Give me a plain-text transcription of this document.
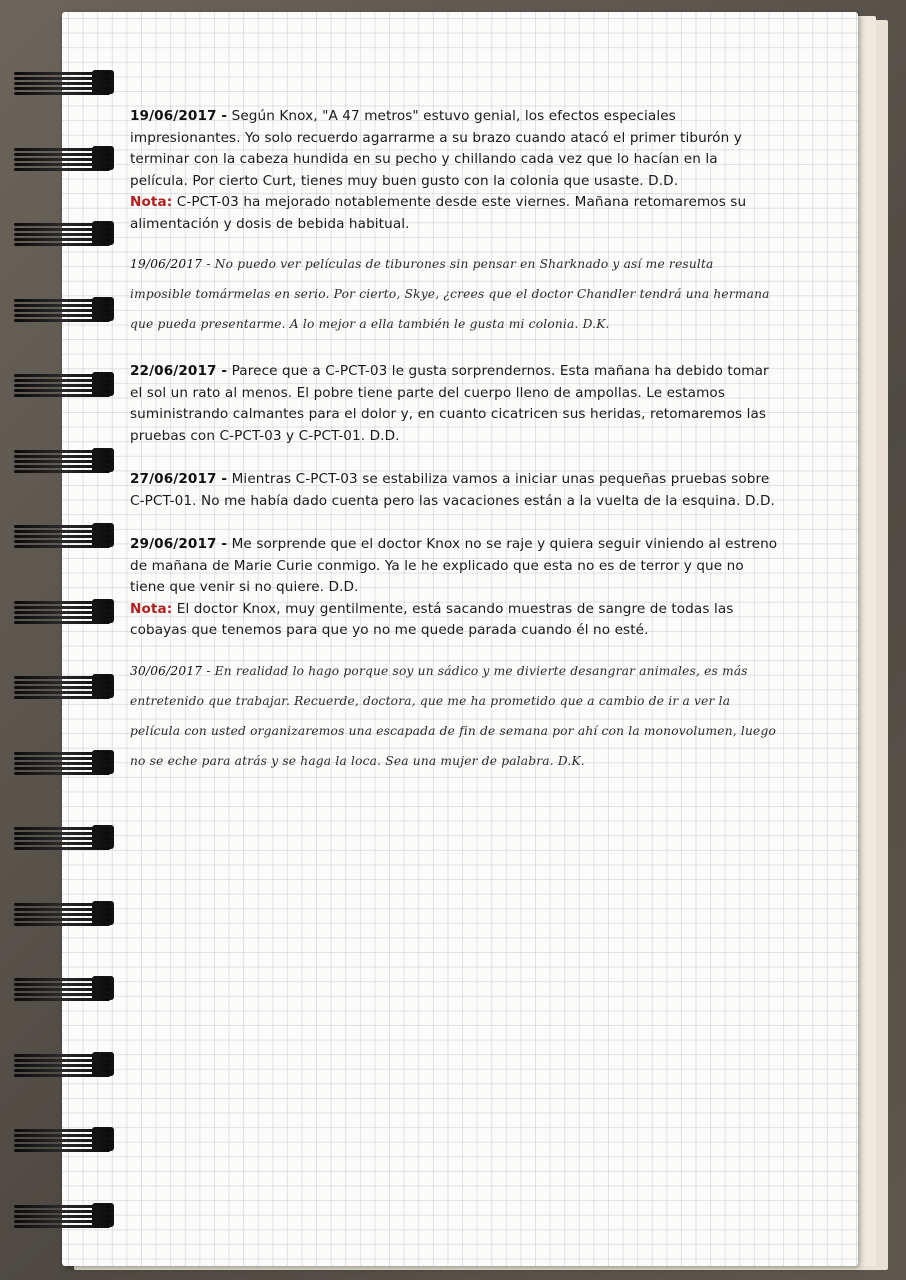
19/06/2017 - Según Knox, "A 47 metros" estuvo genial, los efectos especiales impresionantes. Yo solo recuerdo agarrarme a su brazo cuando atacó el primer tiburón y terminar con la cabeza hundida en su pecho y chillando cada vez que lo hacían en la película. Por cierto Curt, tienes muy buen gusto con la colonia que usaste. D.D.
Nota: C-PCT-03 ha mejorado notablemente desde este viernes. Mañana retomaremos su alimentación y dosis de bebida habitual.

19/06/2017 - No puedo ver películas de tiburones sin pensar en Sharknado y así me resulta imposible tomármelas en serio. Por cierto, Skye, ¿crees que el doctor Chandler tendrá una hermana que pueda presentarme. A lo mejor a ella también le gusta mi colonia. D.K.

22/06/2017 - Parece que a C-PCT-03 le gusta sorprendernos. Esta mañana ha debido tomar el sol un rato al menos. El pobre tiene parte del cuerpo lleno de ampollas. Le estamos suministrando calmantes para el dolor y, en cuanto cicatricen sus heridas, retomaremos las pruebas con C-PCT-03 y C-PCT-01. D.D.

27/06/2017 - Mientras C-PCT-03 se estabiliza vamos a iniciar unas pequeñas pruebas sobre C-PCT-01. No me había dado cuenta pero las vacaciones están a la vuelta de la esquina. D.D.

29/06/2017 - Me sorprende que el doctor Knox no se raje y quiera seguir viniendo al estreno de mañana de Marie Curie conmigo. Ya le he explicado que esta no es de terror y que no tiene que venir si no quiere. D.D.
Nota: El doctor Knox, muy gentilmente, está sacando muestras de sangre de todas las cobayas que tenemos para que yo no me quede parada cuando él no esté.

30/06/2017 - En realidad lo hago porque soy un sádico y me divierte desangrar animales, es más entretenido que trabajar. Recuerde, doctora, que me ha prometido que a cambio de ir a ver la película con usted organizaremos una escapada de fin de semana por ahí con la monovolumen, luego no se eche para atrás y se haga la loca. Sea una mujer de palabra. D.K.
